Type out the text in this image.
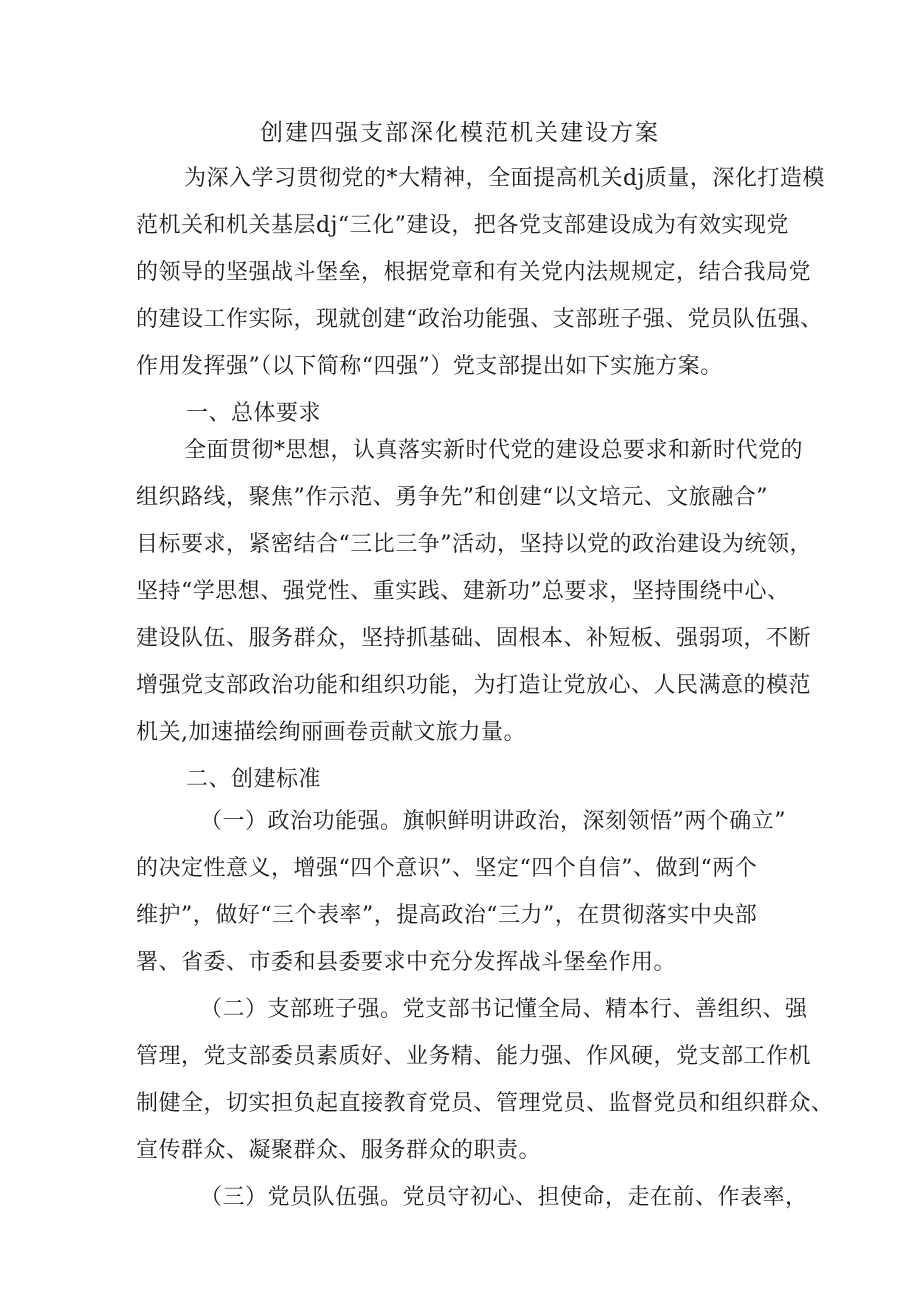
创建四强支部深化模范机关建设方案
为深入学习贯彻党的*大精神，全面提高机关dj质量，深化打造模
范机关和机关基层dj“三化”建设，把各党支部建设成为有效实现党
的领导的坚强战斗堡垒，根据党章和有关党内法规规定，结合我局党
的建设工作实际，现就创建“政治功能强、支部班子强、党员队伍强、
作用发挥强”（以下简称“四强”）党支部提出如下实施方案。
一、总体要求
全面贯彻*思想，认真落实新时代党的建设总要求和新时代党的
组织路线，聚焦”作示范、勇争先”和创建“以文培元、文旅融合”
目标要求，紧密结合“三比三争”活动，坚持以党的政治建设为统领，
坚持“学思想、强党性、重实践、建新功”总要求，坚持围绕中心、
建设队伍、服务群众，坚持抓基础、固根本、补短板、强弱项，不断
增强党支部政治功能和组织功能，为打造让党放心、人民满意的模范
机关,加速描绘绚丽画卷贡献文旅力量。
二、创建标准
（一）政治功能强。旗帜鲜明讲政治，深刻领悟”两个确立”
的决定性意义，增强“四个意识”、坚定“四个自信”、做到“两个
维护”，做好“三个表率”，提高政治“三力”，在贯彻落实中央部
署、省委、市委和县委要求中充分发挥战斗堡垒作用。
（二）支部班子强。党支部书记懂全局、精本行、善组织、强
管理，党支部委员素质好、业务精、能力强、作风硬，党支部工作机
制健全，切实担负起直接教育党员、管理党员、监督党员和组织群众、
宣传群众、凝聚群众、服务群众的职责。
（三）党员队伍强。党员守初心、担使命，走在前、作表率，
